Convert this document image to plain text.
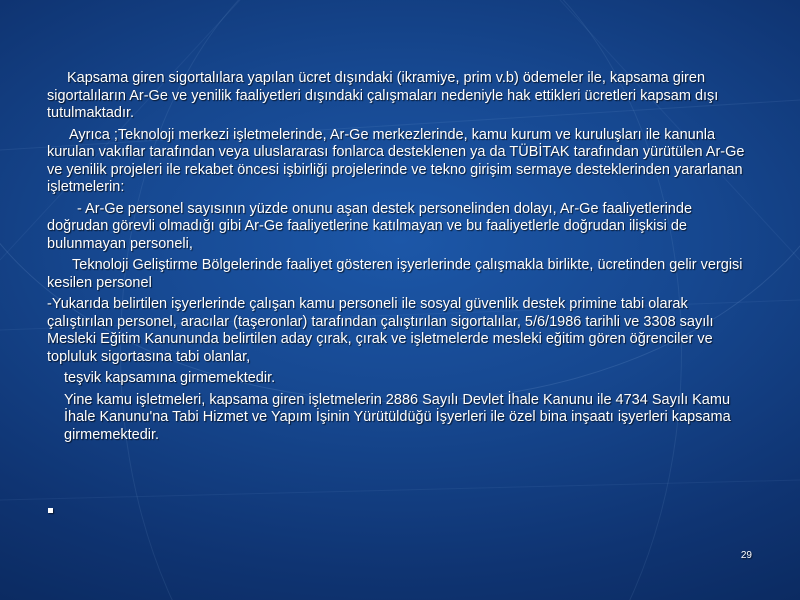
Kapsama giren sigortalılara yapılan ücret dışındaki (ikramiye, prim v.b) ödemeler ile, kapsama giren sigortalıların Ar-Ge ve yenilik faaliyetleri dışındaki çalışmaları nedeniyle hak ettikleri ücretleri kapsam dışı tutulmaktadır.

Ayrıca ;Teknoloji merkezi işletmelerinde, Ar-Ge merkezlerinde, kamu kurum ve kuruluşları ile kanunla kurulan vakıflar tarafından veya uluslararası fonlarca desteklenen ya da TÜBİTAK tarafından yürütülen Ar-Ge ve yenilik projeleri ile rekabet öncesi işbirliği projelerinde ve tekno girişim sermaye desteklerinden yararlanan işletmelerin:

- Ar-Ge personel sayısının yüzde onunu aşan destek personelinden dolayı, Ar-Ge faaliyetlerinde doğrudan görevli olmadığı gibi Ar-Ge faaliyetlerine katılmayan ve bu faaliyetlerle doğrudan ilişkisi de bulunmayan personeli,

Teknoloji Geliştirme Bölgelerinde faaliyet gösteren işyerlerinde çalışmakla birlikte, ücretinden gelir vergisi kesilen personel

-Yukarıda belirtilen işyerlerinde çalışan kamu personeli ile sosyal güvenlik destek primine tabi olarak çalıştırılan personel, aracılar (taşeronlar) tarafından çalıştırılan sigortalılar, 5/6/1986 tarihli ve 3308 sayılı Mesleki Eğitim Kanununda belirtilen aday çırak, çırak ve işletmelerde mesleki eğitim gören öğrenciler ve topluluk sigortasına tabi olanlar,

teşvik kapsamına girmemektedir.

Yine kamu işletmeleri, kapsama giren işletmelerin 2886 Sayılı Devlet İhale Kanunu ile 4734 Sayılı Kamu İhale Kanunu'na Tabi Hizmet ve Yapım İşinin Yürütüldüğü İşyerleri ile özel bina inşaatı işyerleri kapsama girmemektedir.

29
